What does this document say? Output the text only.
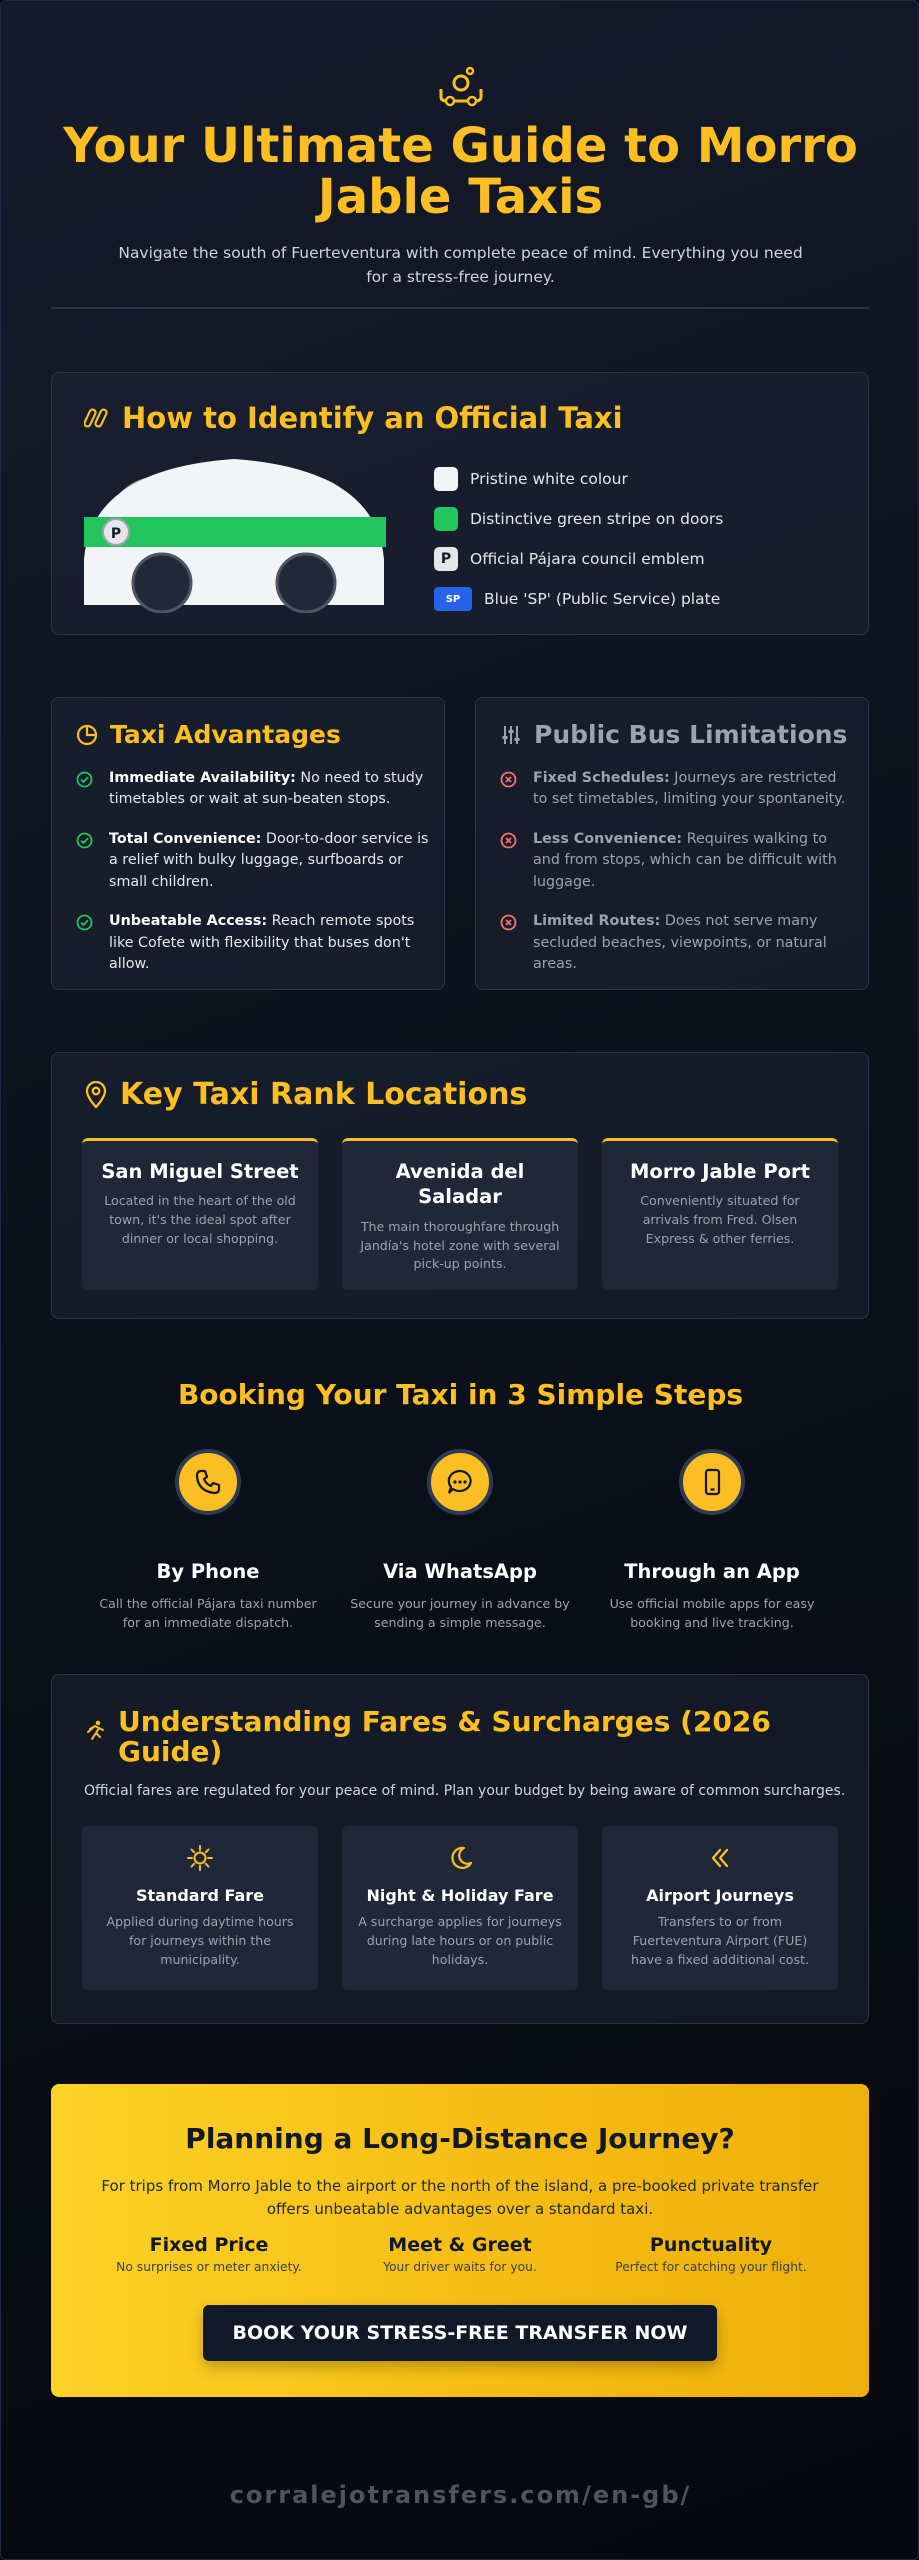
Your Ultimate Guide to Morro Jable Taxis

Navigate the south of Fuerteventura with complete peace of mind. Everything you need for a stress-free journey.

How to Identify an Official Taxi
P
Pristine white colour
Distinctive green stripe on doors
P	Official Pájara council emblem
SP	Blue 'SP' (Public Service) plate
Taxi Advantages
Immediate Availability: No need to study timetables or wait at sun-beaten stops.
Total Convenience: Door-to-door service is a relief with bulky luggage, surfboards or small children.
Unbeatable Access: Reach remote spots like Cofete with flexibility that buses don't allow.
Public Bus Limitations
Fixed Schedules: Journeys are restricted to set timetables, limiting your spontaneity.
Less Convenience: Requires walking to and from stops, which can be difficult with luggage.
Limited Routes: Does not serve many secluded beaches, viewpoints, or natural areas.
Key Taxi Rank Locations
San Miguel Street

Located in the heart of the old town, it's the ideal spot after dinner or local shopping.

Avenida del Saladar

The main thoroughfare through Jandía's hotel zone with several pick-up points.

Morro Jable Port

Conveniently situated for arrivals from Fred. Olsen Express & other ferries.

Booking Your Taxi in 3 Simple Steps
By Phone

Call the official Pájara taxi number for an immediate dispatch.

Via WhatsApp

Secure your journey in advance by sending a simple message.

Through an App

Use official mobile apps for easy booking and live tracking.

Understanding Fares & Surcharges (2026 Guide)
Official fares are regulated for your peace of mind. Plan your budget by being aware of common surcharges.
Standard Fare

Applied during daytime hours for journeys within the municipality.

Night & Holiday Fare

A surcharge applies for journeys during late hours or on public holidays.

Airport Journeys

Transfers to or from Fuerteventura Airport (FUE) have a fixed additional cost.

Planning a Long-Distance Journey?

For trips from Morro Jable to the airport or the north of the island, a pre-booked private transfer offers unbeatable advantages over a standard taxi.

Fixed Price

No surprises or meter anxiety.

Meet & Greet

Your driver waits for you.

Punctuality

Perfect for catching your flight.

BOOK YOUR STRESS-FREE TRANSFER NOW
corralejotransfers.com/en-gb/
